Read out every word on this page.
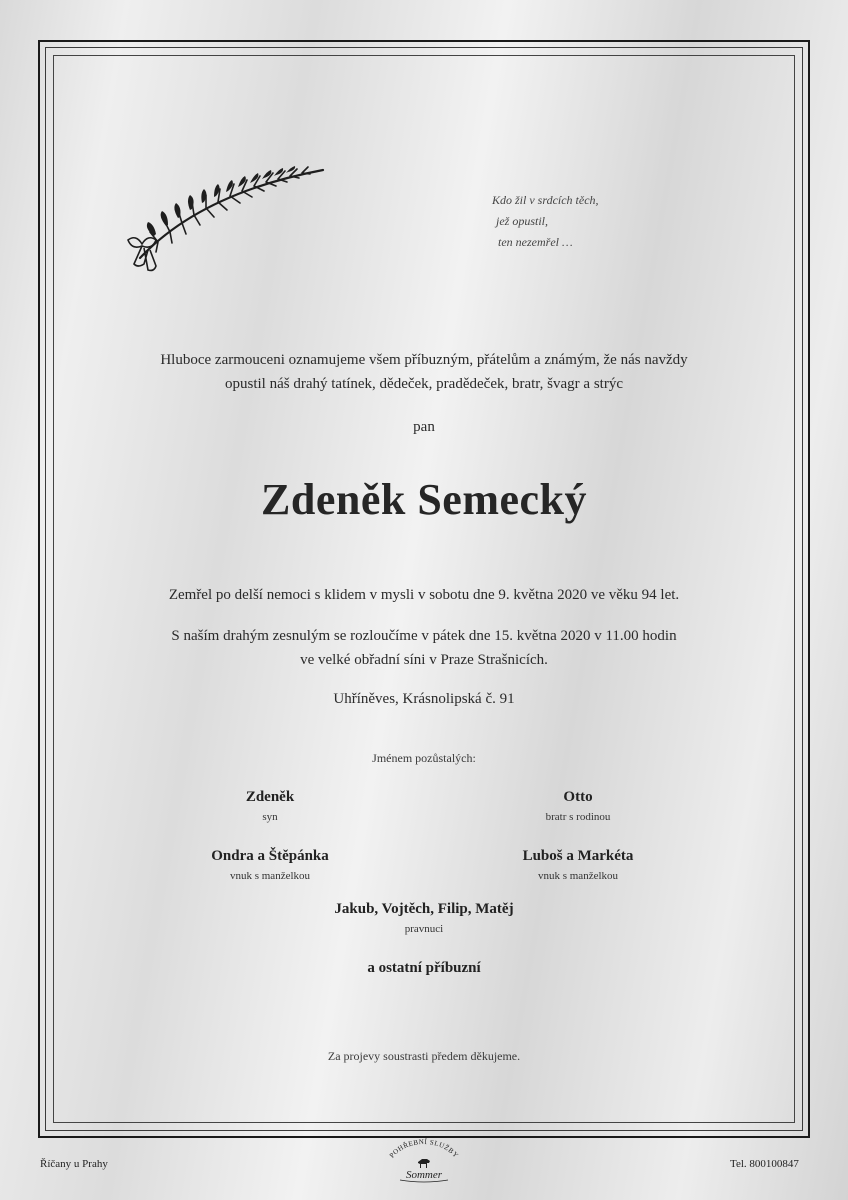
Kdo žil v srdcích těch,
jež opustil,
ten nezemřel …
Hluboce zarmouceni oznamujeme všem příbuzným, přátelům a známým, že nás navždy
opustil náš drahý tatínek, dědeček, pradědeček, bratr, švagr a strýc
pan
Zdeněk Semecký
Zemřel po delší nemoci s klidem v mysli v sobotu dne 9. května 2020 ve věku 94 let.
S naším drahým zesnulým se rozloučíme v pátek dne 15. května 2020 v 11.00 hodin
ve velké obřadní síni v Praze Strašnicích.
Uhříněves, Krásnolipská č. 91
Jménem pozůstalých:
Zdeněk
syn
Otto
bratr s rodinou
Ondra a Štěpánka
vnuk s manželkou
Luboš a Markéta
vnuk s manželkou
Jakub, Vojtěch, Filip, Matěj
pravnuci
a ostatní příbuzní
Za projevy soustrasti předem děkujeme.
Říčany u Prahy
POHŘEBNÍ SLUŽBY
Sommer
Tel. 800100847
